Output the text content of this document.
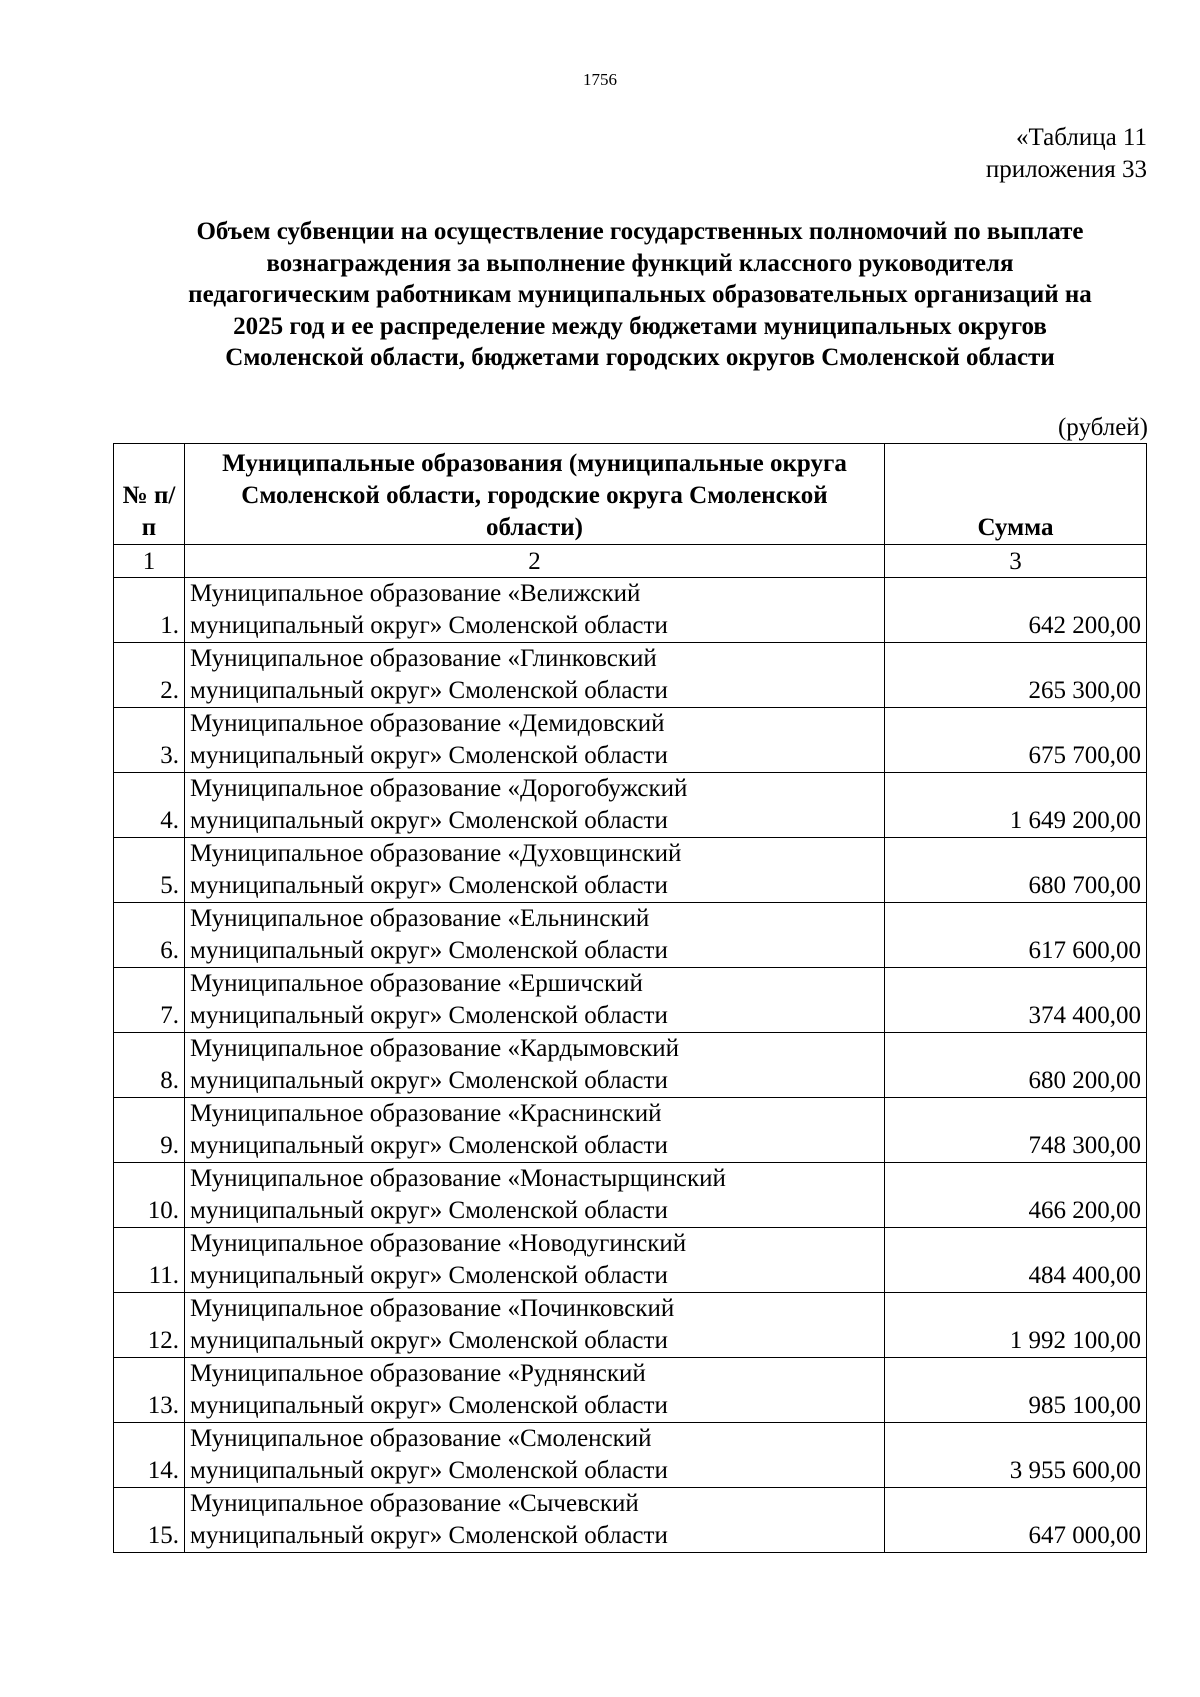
1756
«Таблица 11
приложения 33
Объем субвенции на осуществление государственных полномочий по выплате
вознаграждения за выполнение функций классного руководителя
педагогическим работникам муниципальных образовательных организаций на
2025 год и ее распределение между бюджетами муниципальных округов
Смоленской области, бюджетами городских округов Смоленской области
(рублей)
№ п/п	Муниципальные образования (муниципальные округа Смоленской области, городские округа Смоленской области)	Сумма
1	2	3
1.	Муниципальное образование «Велижский
муниципальный округ» Смоленской области	642 200,00
2.	Муниципальное образование «Глинковский
муниципальный округ» Смоленской области	265 300,00
3.	Муниципальное образование «Демидовский
муниципальный округ» Смоленской области	675 700,00
4.	Муниципальное образование «Дорогобужский
муниципальный округ» Смоленской области	1 649 200,00
5.	Муниципальное образование «Духовщинский
муниципальный округ» Смоленской области	680 700,00
6.	Муниципальное образование «Ельнинский
муниципальный округ» Смоленской области	617 600,00
7.	Муниципальное образование «Ершичский
муниципальный округ» Смоленской области	374 400,00
8.	Муниципальное образование «Кардымовский
муниципальный округ» Смоленской области	680 200,00
9.	Муниципальное образование «Краснинский
муниципальный округ» Смоленской области	748 300,00
10.	Муниципальное образование «Монастырщинский
муниципальный округ» Смоленской области	466 200,00
11.	Муниципальное образование «Новодугинский
муниципальный округ» Смоленской области	484 400,00
12.	Муниципальное образование «Починковский
муниципальный округ» Смоленской области	1 992 100,00
13.	Муниципальное образование «Руднянский
муниципальный округ» Смоленской области	985 100,00
14.	Муниципальное образование «Смоленский
муниципальный округ» Смоленской области	3 955 600,00
15.	Муниципальное образование «Сычевский
муниципальный округ» Смоленской области	647 000,00
